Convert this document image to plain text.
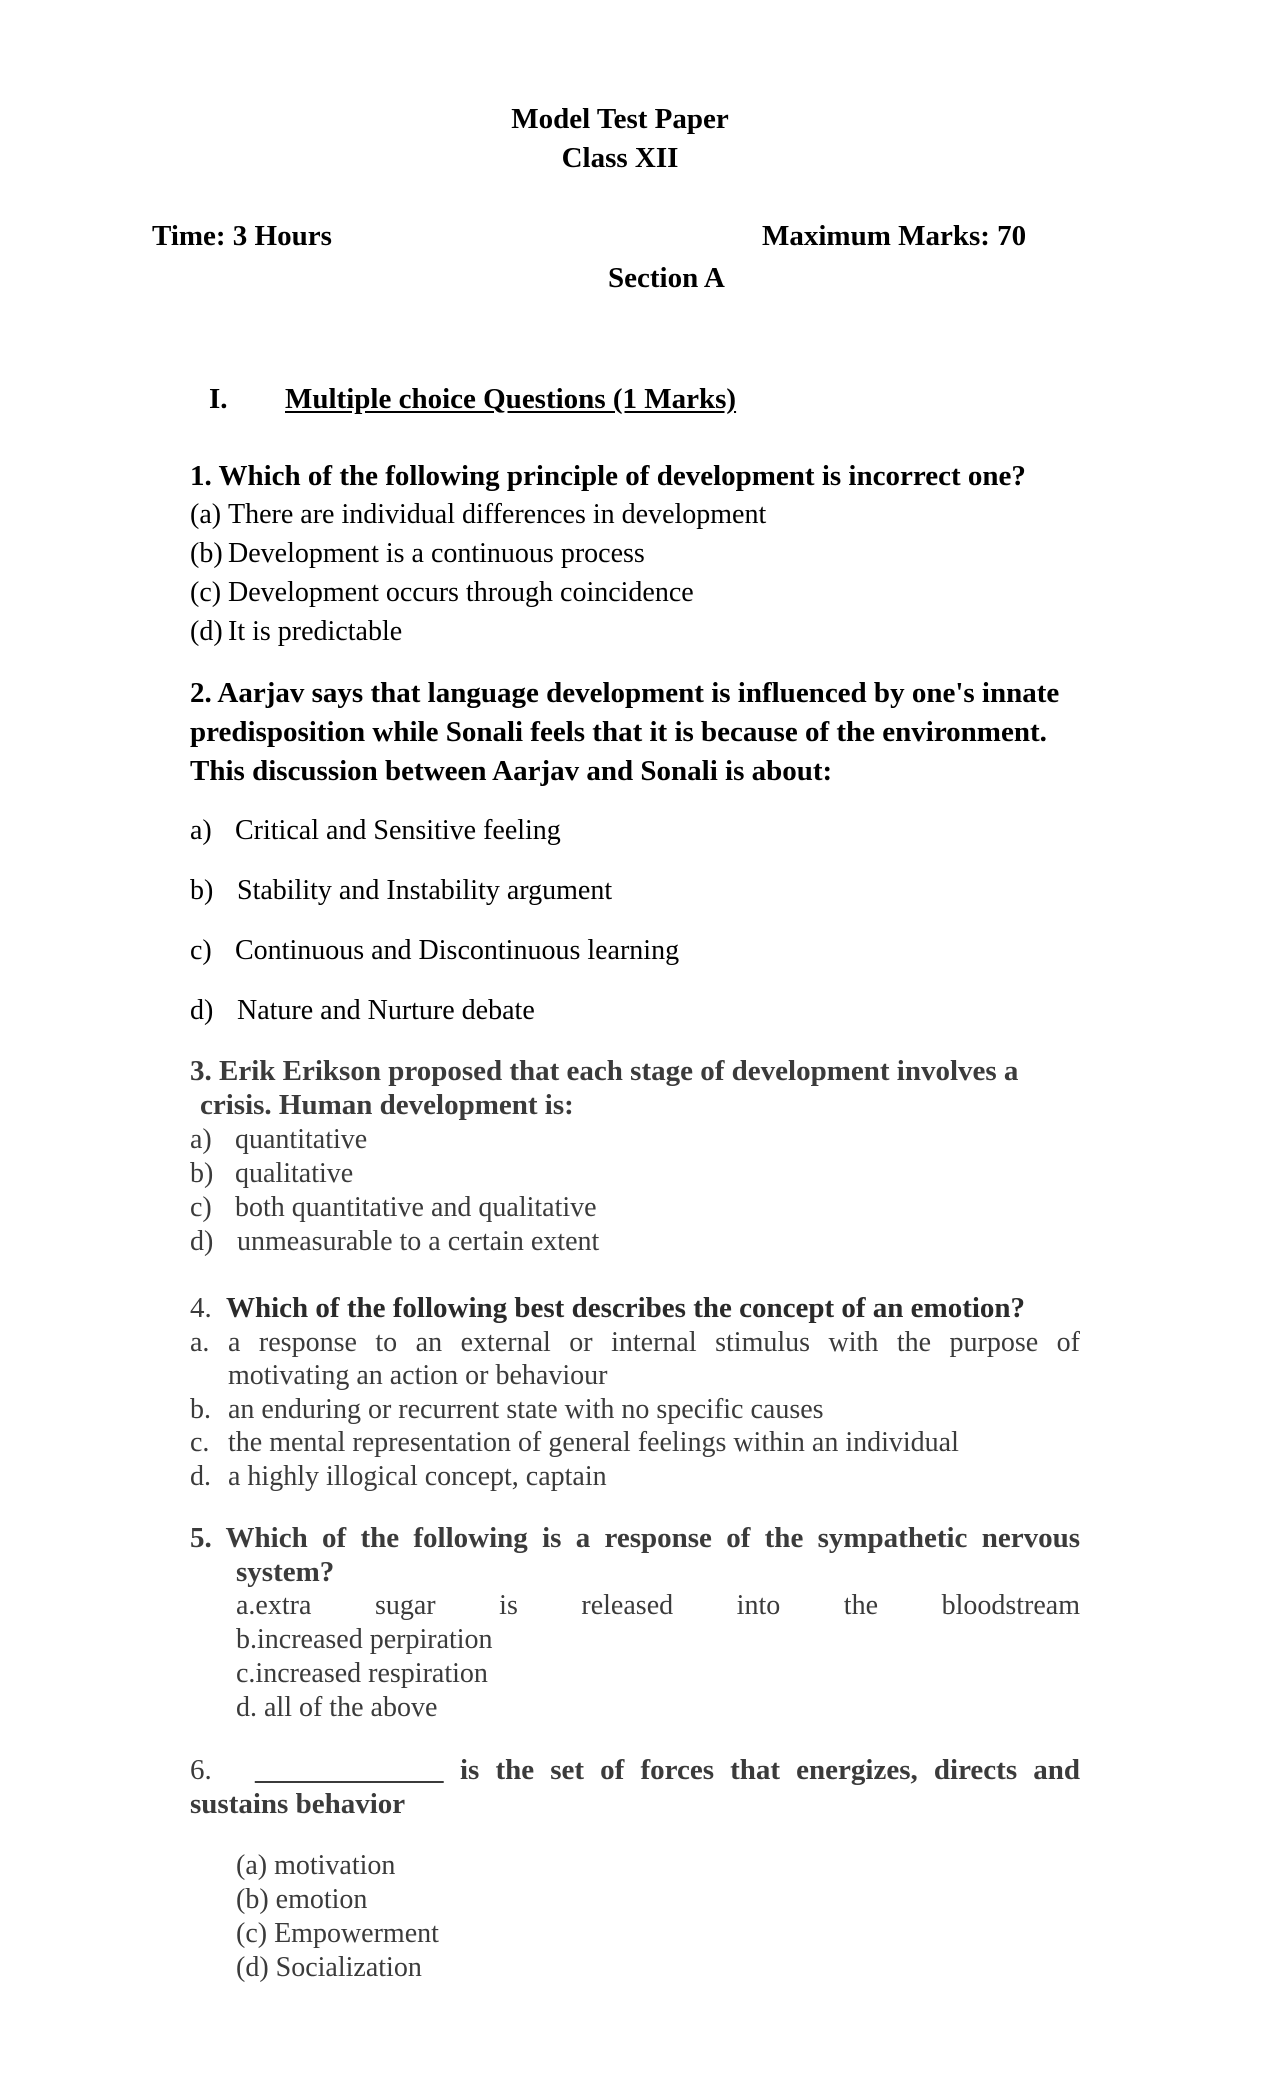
Model Test Paper
Class XII
Time: 3 Hours	Maximum Marks: 70
Section A
I. Multiple choice Questions (1 Marks)
1. Which of the following principle of development is incorrect one?
(a) There are individual differences in development
(b) Development is a continuous process
(c) Development occurs through coincidence
(d) It is predictable
2. Aarjav says that language development is influenced by one's innate
predisposition while Sonali feels that it is because of the environment.
This discussion between Aarjav and Sonali is about:
a) Critical and Sensitive feeling
b) Stability and Instability argument
c) Continuous and Discontinuous learning
d) Nature and Nurture debate
3. Erik Erikson proposed that each stage of development involves a
crisis. Human development is:
a) quantitative
b) qualitative
c) both quantitative and qualitative
d) unmeasurable to a certain extent
4. Which of the following best describes the concept of an emotion?
a. a response to an external or internal stimulus with the purpose of
motivating an action or behaviour
b. an enduring or recurrent state with no specific causes
c. the mental representation of general feelings within an individual
d. a highly illogical concept, captain
5. Which of the following is a response of the sympathetic nervous
system?
a.extra sugar is released into the bloodstream
b.increased perpiration
c.increased respiration
d. all of the above
6. _____________ is the set of forces that energizes, directs and
sustains behavior
(a) motivation
(b) emotion
(c) Empowerment
(d) Socialization
